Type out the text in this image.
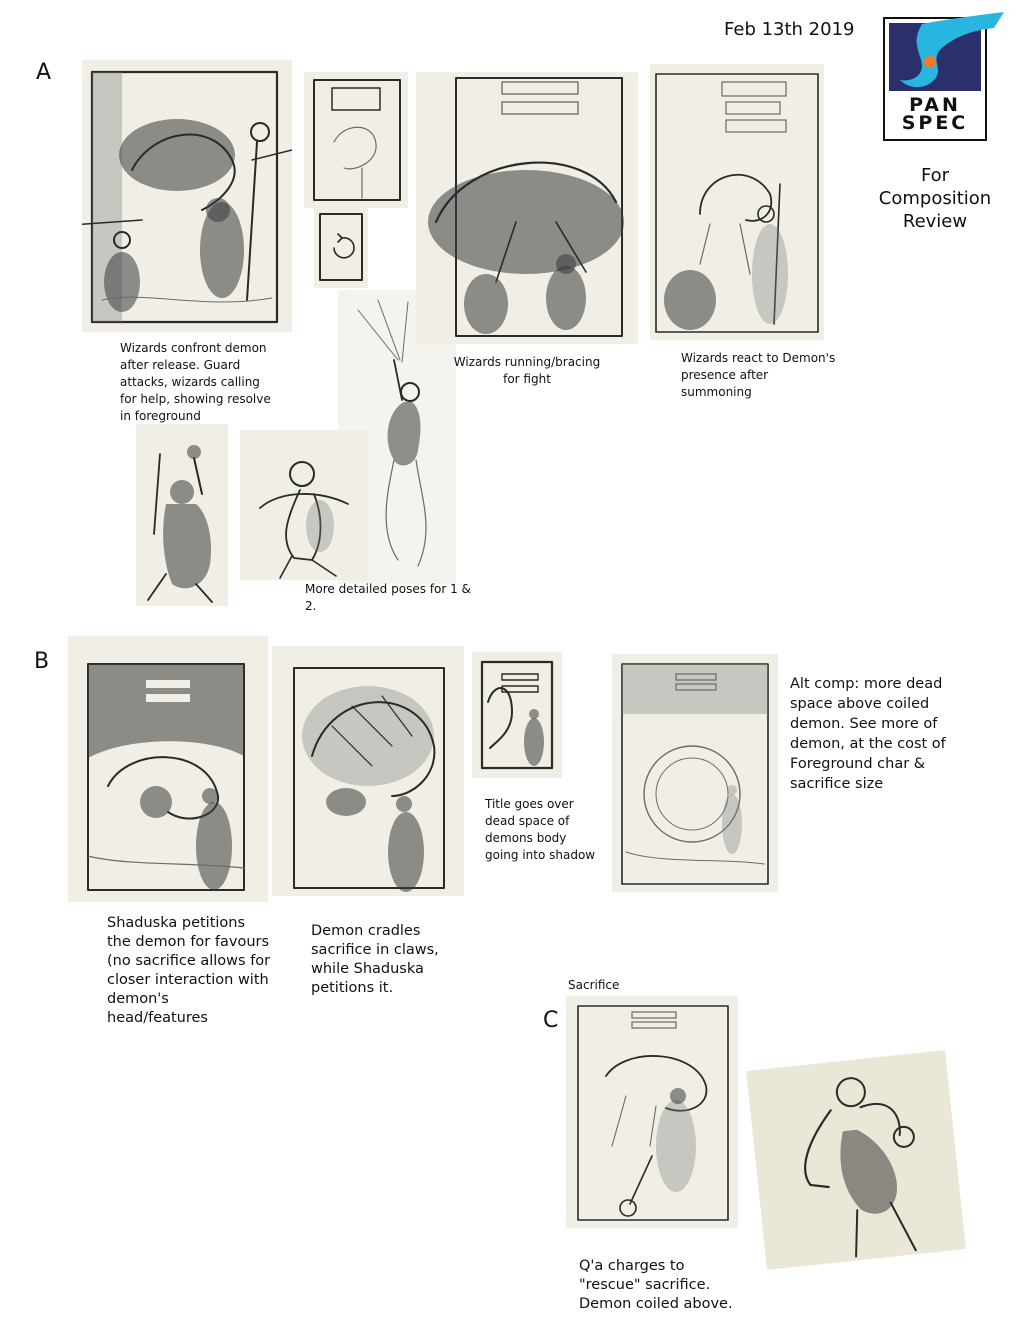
Feb 13th 2019
PAN SPEC
For Composition Review
A
Wizards confront demon after release. Guard attacks, wizards calling for help, showing resolve in foreground
Wizards running/bracing for fight
Wizards react to Demon's presence after summoning
More detailed poses for 1 & 2.
B
Shaduska petitions the demon for favours (no sacrifice allows for closer interaction with demon's head/features
Demon cradles sacrifice in claws, while Shaduska petitions it.
Title goes over dead space of demons body going into shadow
Alt comp: more dead space above coiled demon. See more of demon, at the cost of Foreground char & sacrifice size
Sacrifice
C
Q'a charges to "rescue" sacrifice. Demon coiled above.
